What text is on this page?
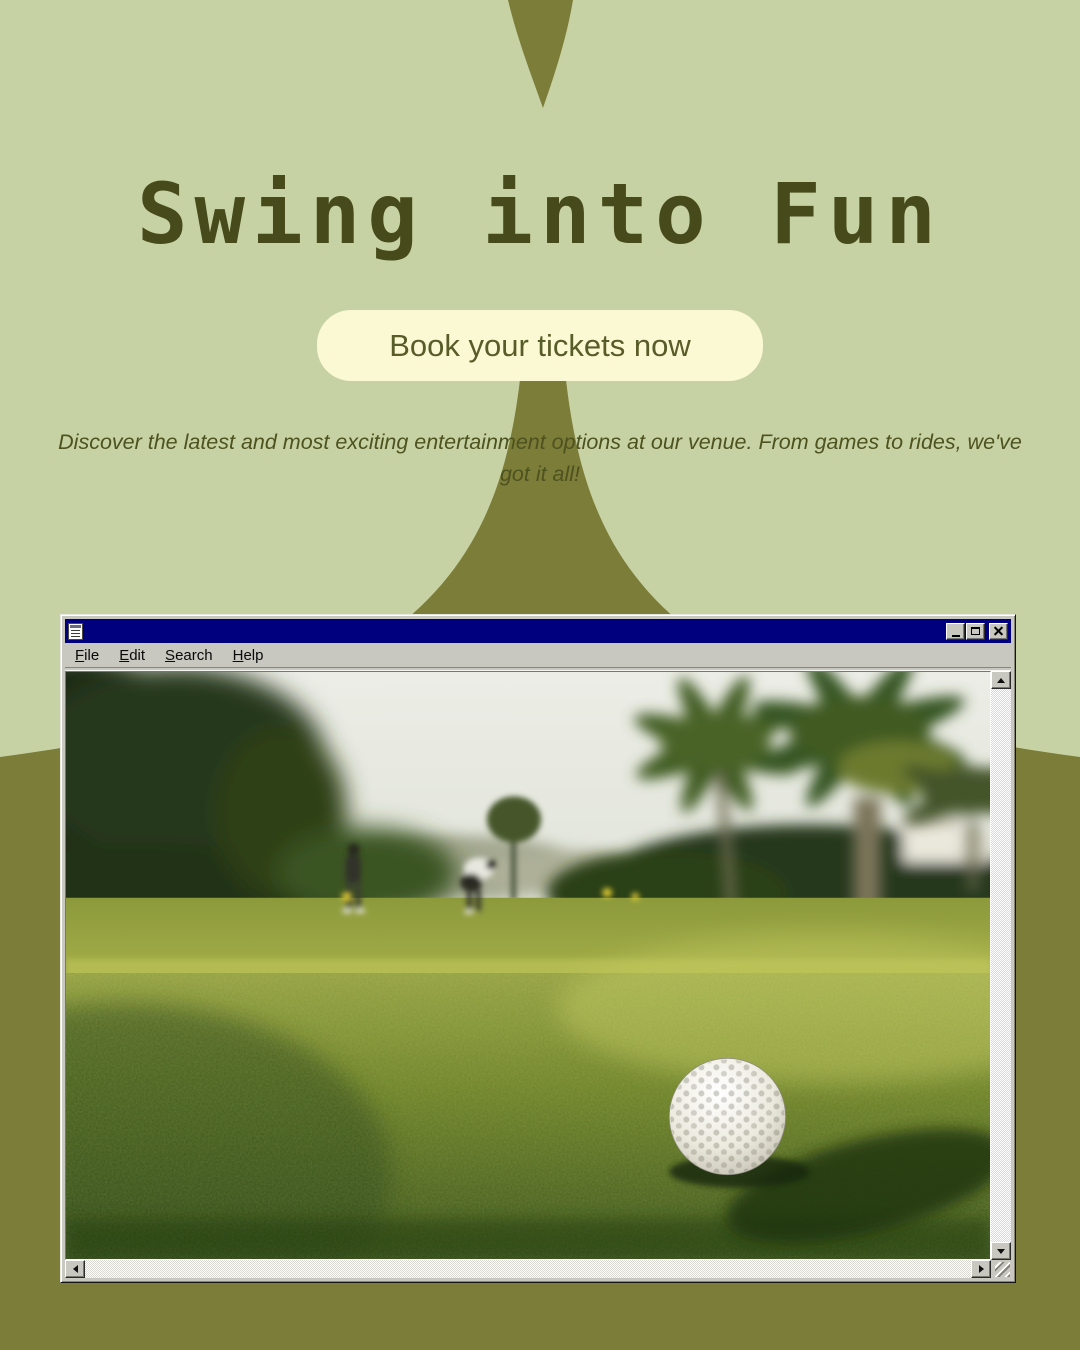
Swing into Fun
Book your tickets now

Discover the latest and most exciting entertainment options at our venue. From games to rides, we've got it all!

File Edit Search Help
